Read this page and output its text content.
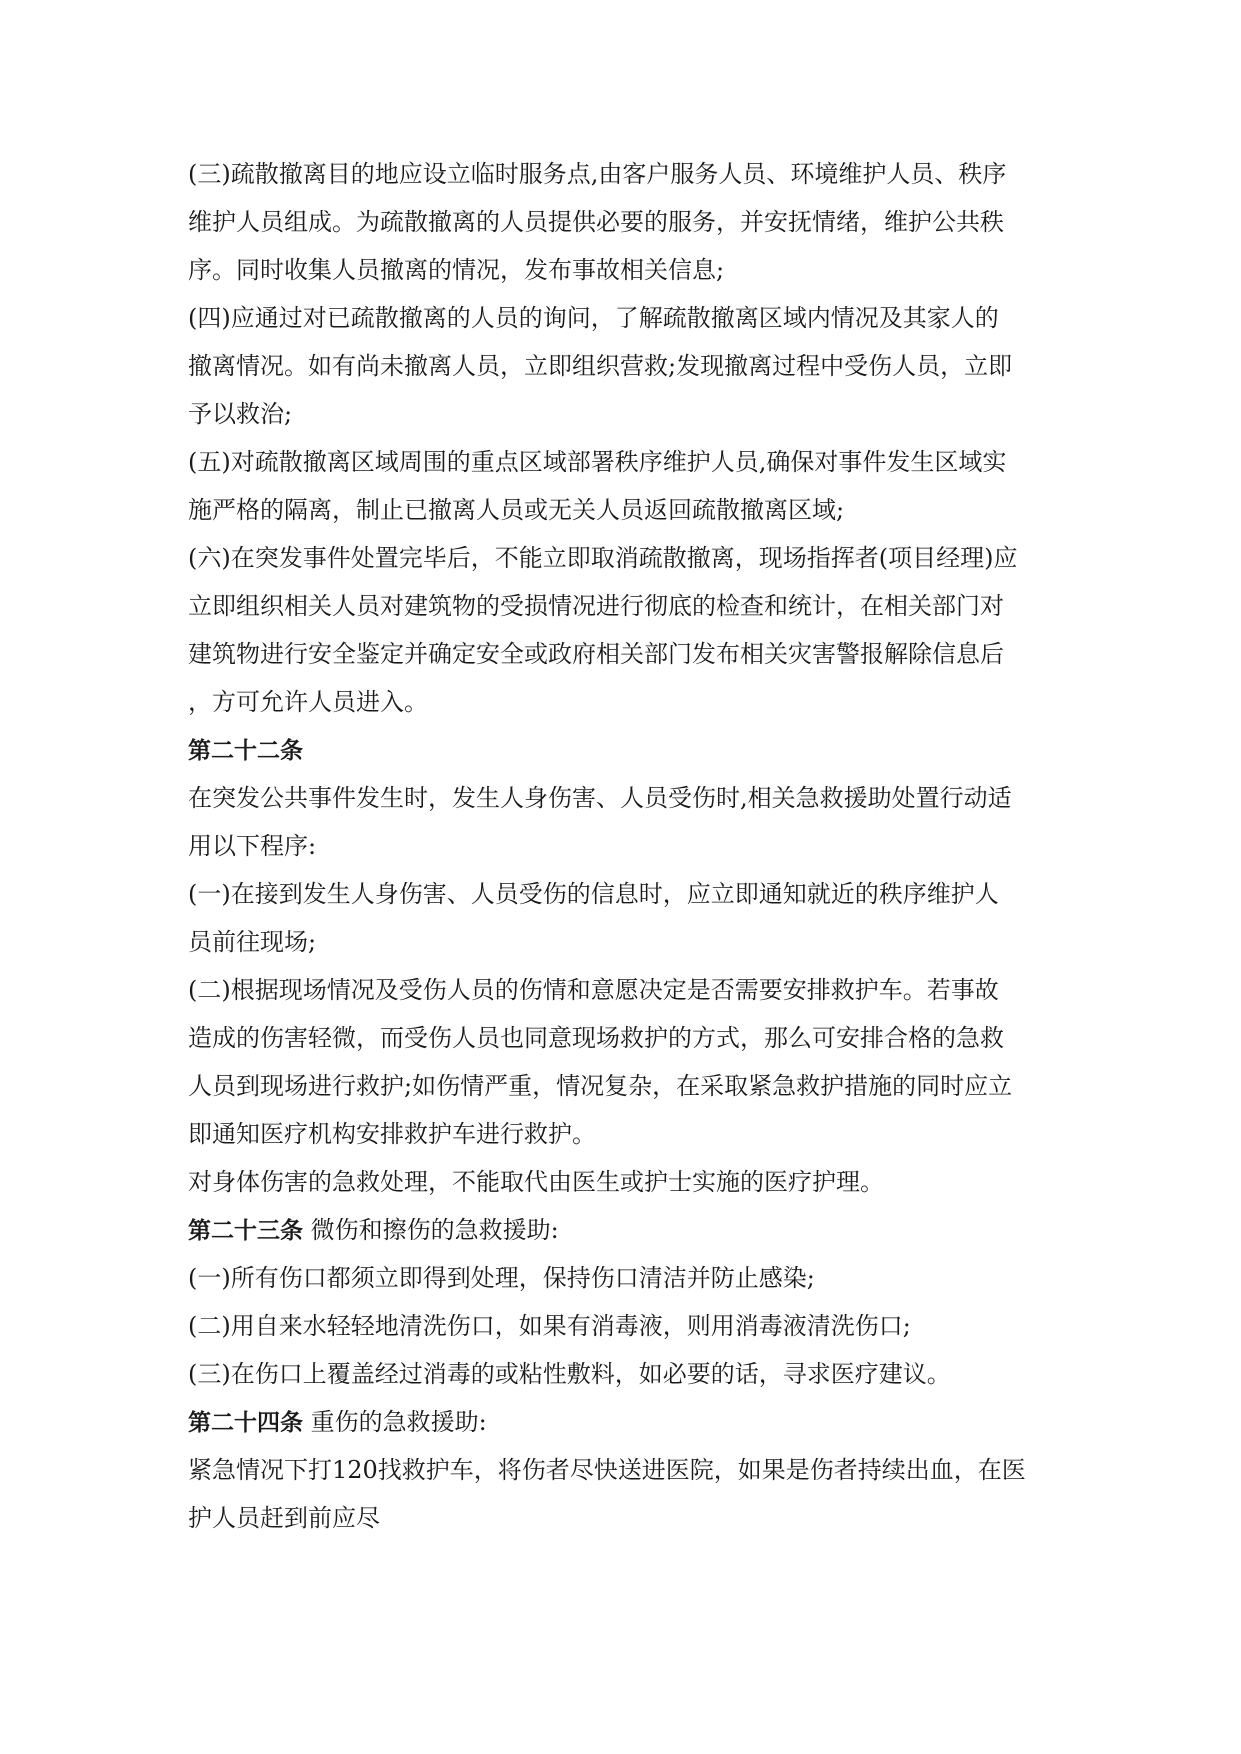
(三)疏散撤离目的地应设立临时服务点,由客户服务人员、环境维护人员、秩序
维护人员组成。为疏散撤离的人员提供必要的服务，并安抚情绪，维护公共秩
序。同时收集人员撤离的情况，发布事故相关信息;
(四)应通过对已疏散撤离的人员的询问，了解疏散撤离区域内情况及其家人的
撤离情况。如有尚未撤离人员，立即组织营救;发现撤离过程中受伤人员，立即
予以救治;
(五)对疏散撤离区域周围的重点区域部署秩序维护人员,确保对事件发生区域实
施严格的隔离，制止已撤离人员或无关人员返回疏散撤离区域;
(六)在突发事件处置完毕后，不能立即取消疏散撤离，现场指挥者(项目经理)应
立即组织相关人员对建筑物的受损情况进行彻底的检查和统计，在相关部门对
建筑物进行安全鉴定并确定安全或政府相关部门发布相关灾害警报解除信息后
，方可允许人员进入。
第二十二条
在突发公共事件发生时，发生人身伤害、人员受伤时,相关急救援助处置行动适
用以下程序:
(一)在接到发生人身伤害、人员受伤的信息时，应立即通知就近的秩序维护人
员前往现场;
(二)根据现场情况及受伤人员的伤情和意愿决定是否需要安排救护车。若事故
造成的伤害轻微，而受伤人员也同意现场救护的方式，那么可安排合格的急救
人员到现场进行救护;如伤情严重，情况复杂，在采取紧急救护措施的同时应立
即通知医疗机构安排救护车进行救护。
对身体伤害的急救处理，不能取代由医生或护士实施的医疗护理。
第二十三条 微伤和擦伤的急救援助:
(一)所有伤口都须立即得到处理，保持伤口清洁并防止感染;
(二)用自来水轻轻地清洗伤口，如果有消毒液，则用消毒液清洗伤口;
(三)在伤口上覆盖经过消毒的或粘性敷料，如必要的话，寻求医疗建议。
第二十四条 重伤的急救援助:
紧急情况下打120找救护车，将伤者尽快送进医院，如果是伤者持续出血，在医
护人员赶到前应尽
